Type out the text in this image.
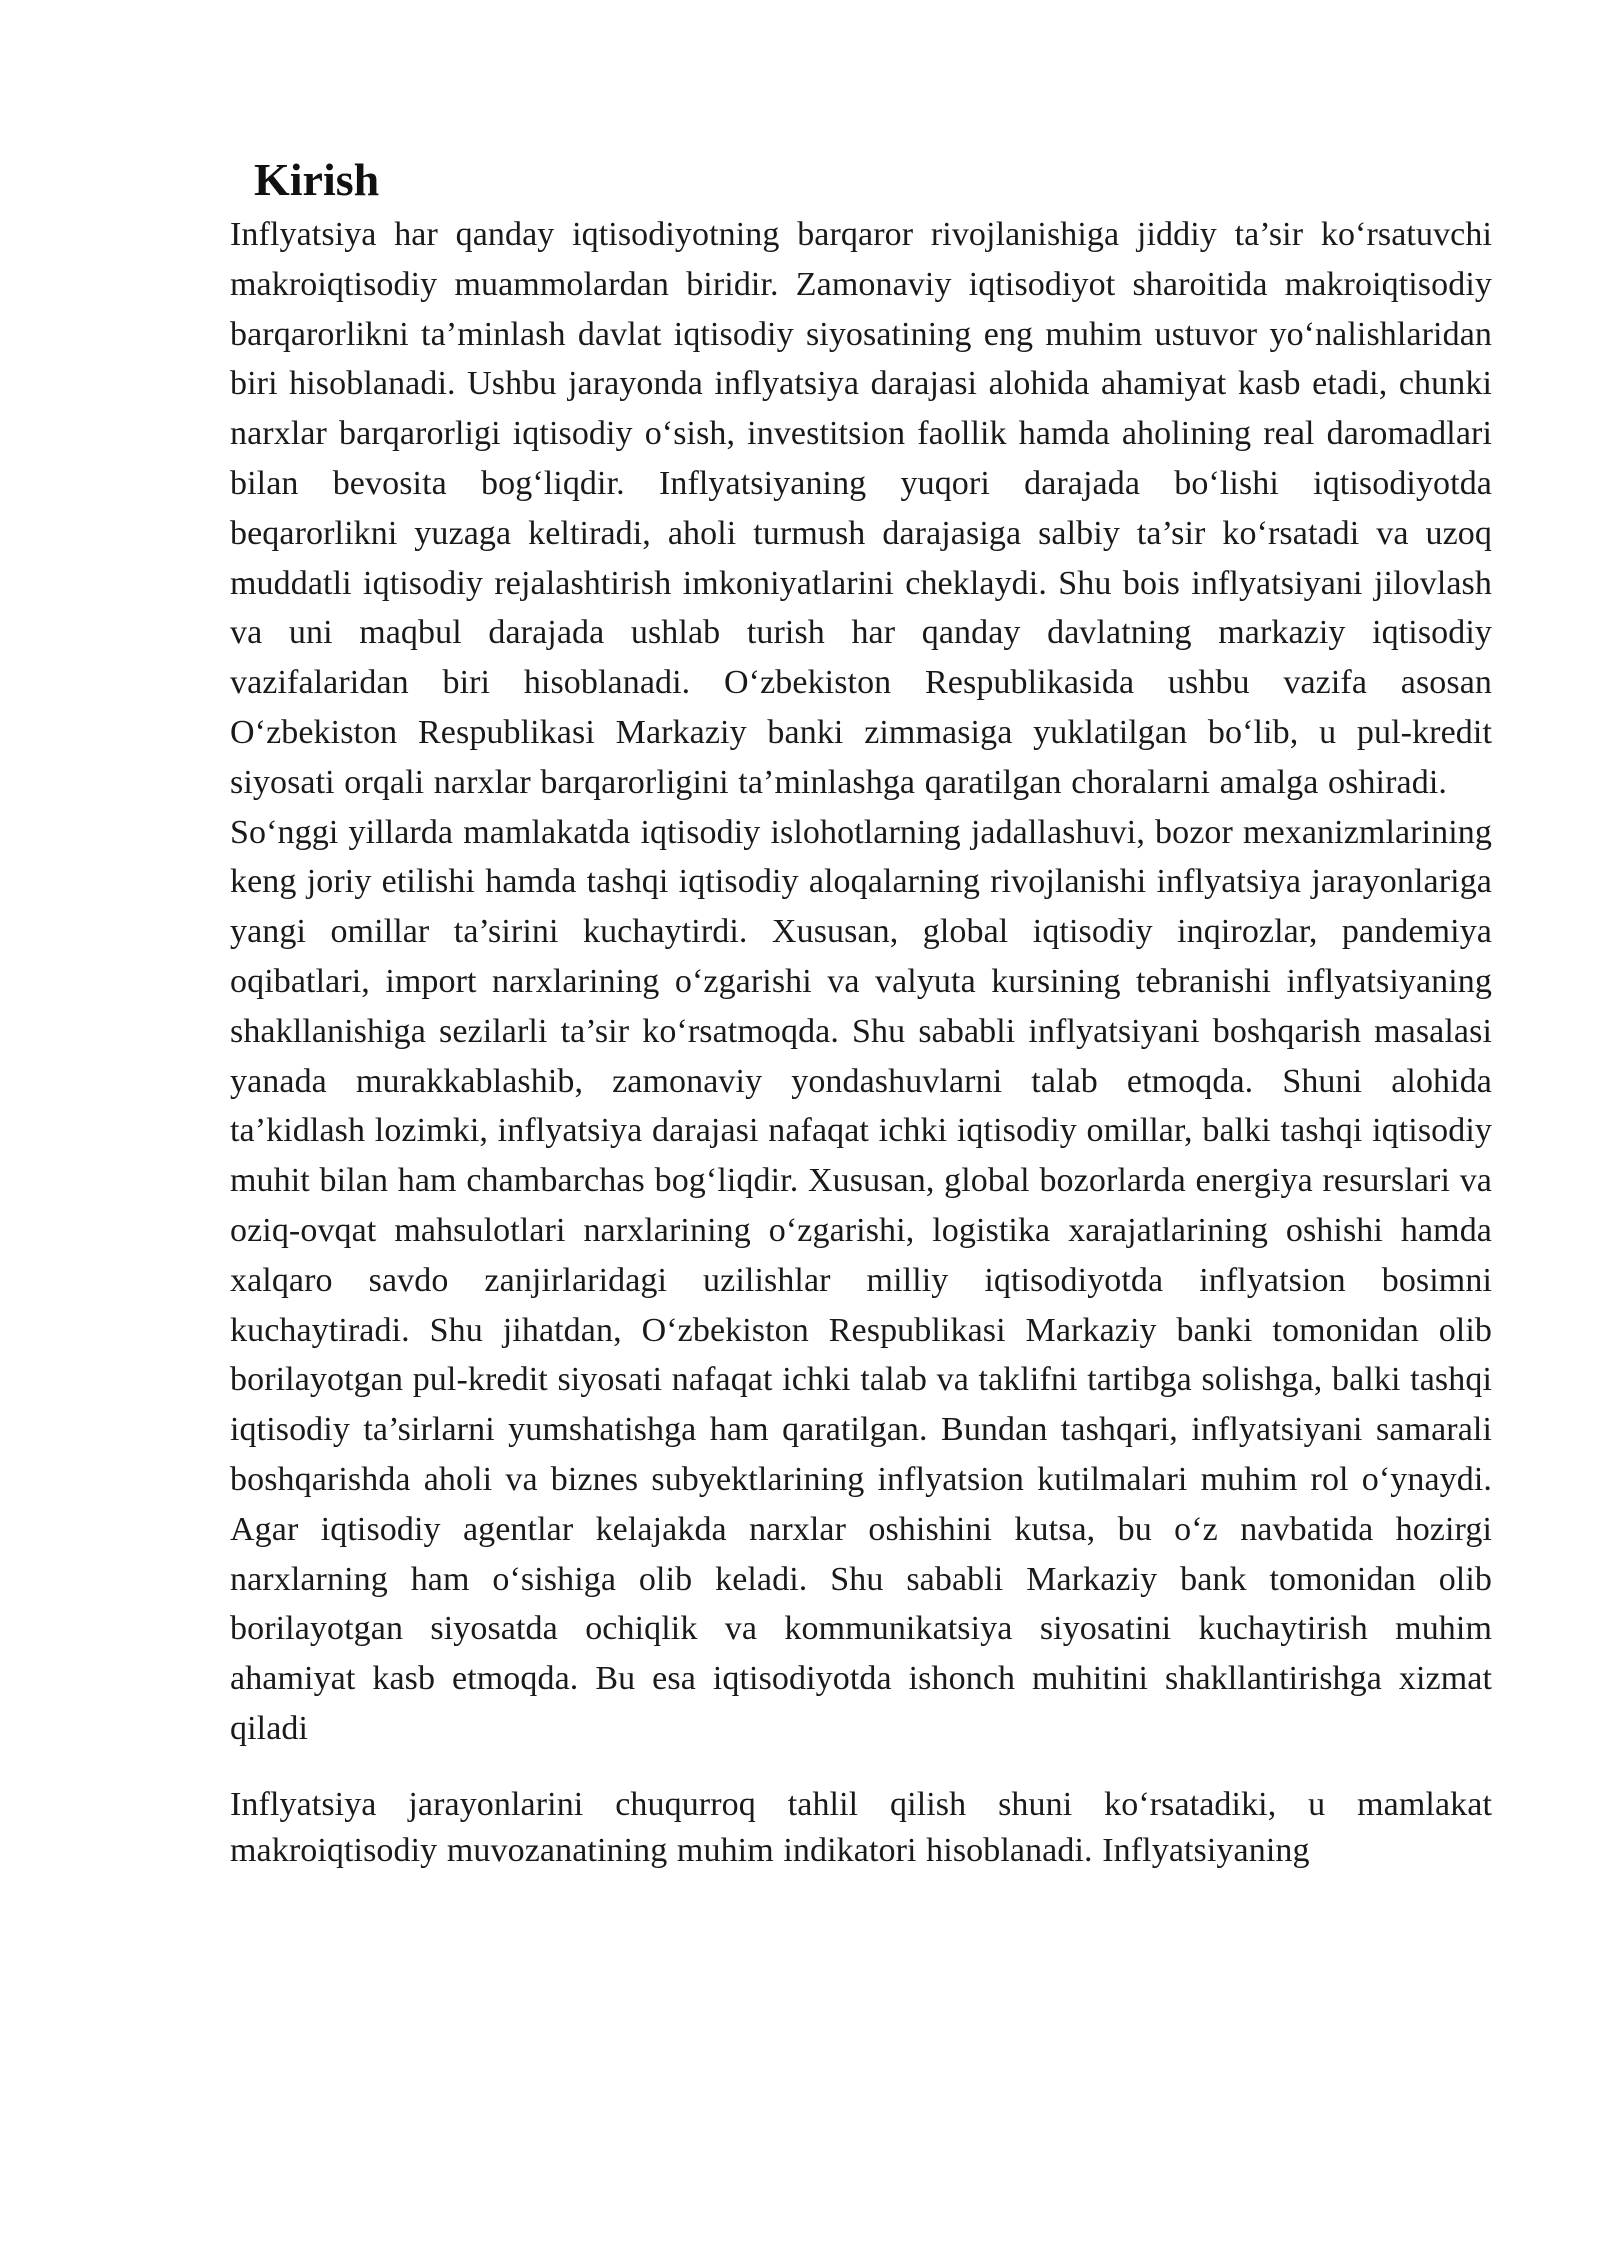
Kirish

Inflyatsiya har qanday iqtisodiyotning barqaror rivojlanishiga jiddiy ta’sir ko‘rsatuvchi makroiqtisodiy muammolardan biridir. Zamonaviy iqtisodiyot sharoitida makroiqtisodiy barqarorlikni ta’minlash davlat iqtisodiy siyosatining eng muhim ustuvor yo‘nalishlaridan biri hisoblanadi. Ushbu jarayonda inflyatsiya darajasi alohida ahamiyat kasb etadi, chunki narxlar barqarorligi iqtisodiy o‘sish, investitsion faollik hamda aholining real daromadlari bilan bevosita bog‘liqdir. Inflyatsiyaning yuqori darajada bo‘lishi iqtisodiyotda beqarorlikni yuzaga keltiradi, aholi turmush darajasiga salbiy ta’sir ko‘rsatadi va uzoq muddatli iqtisodiy rejalashtirish imkoniyatlarini cheklaydi. Shu bois inflyatsiyani jilovlash va uni maqbul darajada ushlab turish har qanday davlatning markaziy iqtisodiy vazifalaridan biri hisoblanadi. O‘zbekiston Respublikasida ushbu vazifa asosan O‘zbekiston Respublikasi Markaziy banki zimmasiga yuklatilgan bo‘lib, u pul-kredit siyosati orqali narxlar barqarorligini ta’minlashga qaratilgan choralarni amalga oshiradi.

So‘nggi yillarda mamlakatda iqtisodiy islohotlarning jadallashuvi, bozor mexanizmlarining keng joriy etilishi hamda tashqi iqtisodiy aloqalarning rivojlanishi inflyatsiya jarayonlariga yangi omillar ta’sirini kuchaytirdi. Xususan, global iqtisodiy inqirozlar, pandemiya oqibatlari, import narxlarining o‘zgarishi va valyuta kursining tebranishi inflyatsiyaning shakllanishiga sezilarli ta’sir ko‘rsatmoqda. Shu sababli inflyatsiyani boshqarish masalasi yanada murakkablashib, zamonaviy yondashuvlarni talab etmoqda. Shuni alohida ta’kidlash lozimki, inflyatsiya darajasi nafaqat ichki iqtisodiy omillar, balki tashqi iqtisodiy muhit bilan ham chambarchas bog‘liqdir. Xususan, global bozorlarda energiya resurslari va oziq-ovqat mahsulotlari narxlarining o‘zgarishi, logistika xarajatlarining oshishi hamda xalqaro savdo zanjirlaridagi uzilishlar milliy iqtisodiyotda inflyatsion bosimni kuchaytiradi. Shu jihatdan, O‘zbekiston Respublikasi Markaziy banki tomonidan olib borilayotgan pul-kredit siyosati nafaqat ichki talab va taklifni tartibga solishga, balki tashqi iqtisodiy ta’sirlarni yumshatishga ham qaratilgan. Bundan tashqari, inflyatsiyani samarali boshqarishda aholi va biznes subyektlarining inflyatsion kutilmalari muhim rol o‘ynaydi. Agar iqtisodiy agentlar kelajakda narxlar oshishini kutsa, bu o‘z navbatida hozirgi narxlarning ham o‘sishiga olib keladi. Shu sababli Markaziy bank tomonidan olib borilayotgan siyosatda ochiqlik va kommunikatsiya siyosatini kuchaytirish muhim ahamiyat kasb etmoqda. Bu esa iqtisodiyotda ishonch muhitini shakllantirishga xizmat qiladi

Inflyatsiya jarayonlarini chuqurroq tahlil qilish shuni ko‘rsatadiki, u mamlakat makroiqtisodiy muvozanatining muhim indikatori hisoblanadi. Inflyatsiyaning
